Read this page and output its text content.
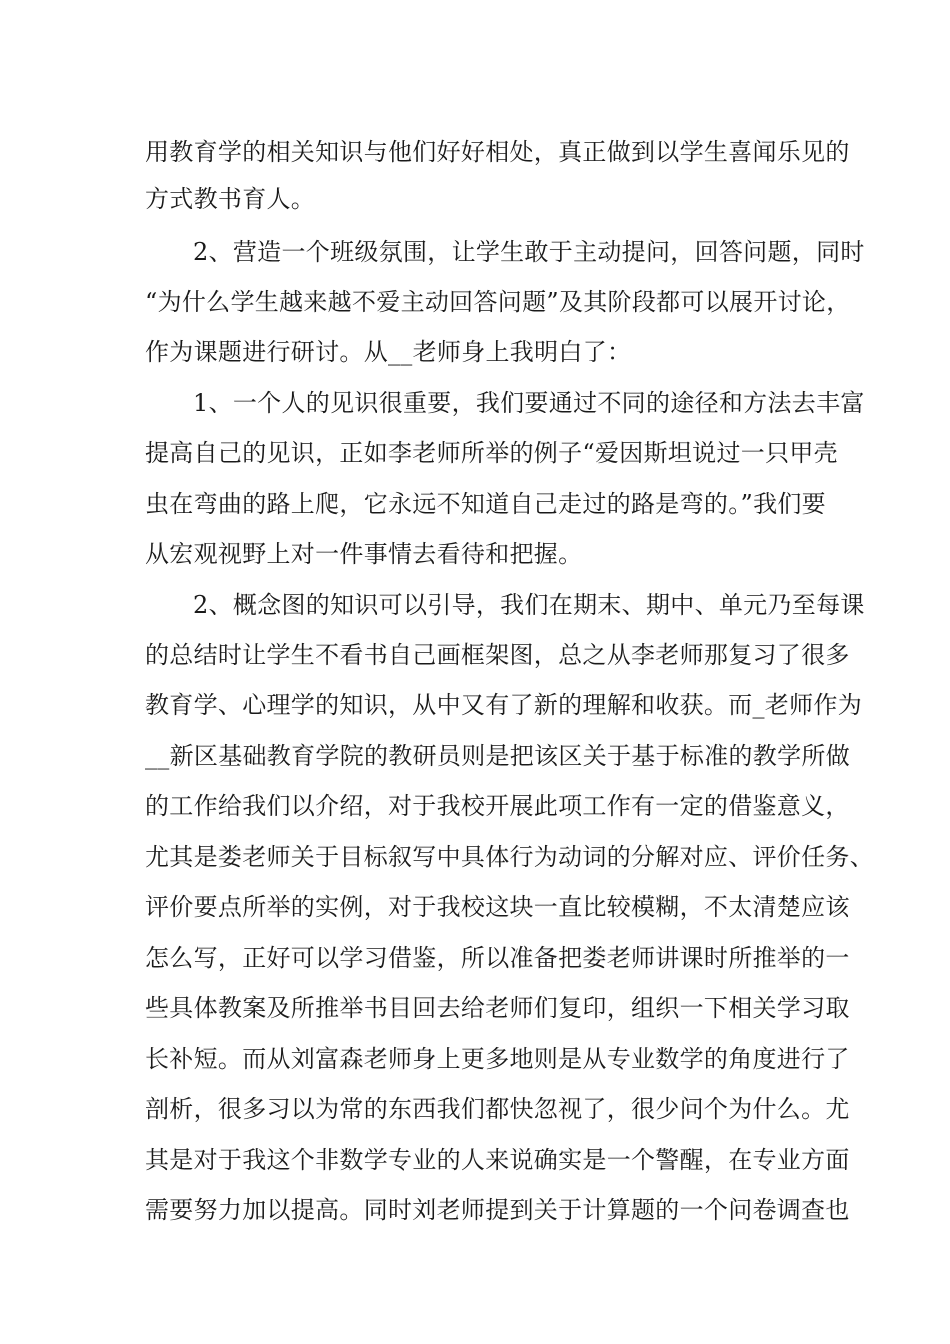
用教育学的相关知识与他们好好相处，真正做到以学生喜闻乐见的
方式教书育人。
2、营造一个班级氛围，让学生敢于主动提问，回答问题，同时
“为什么学生越来越不爱主动回答问题”及其阶段都可以展开讨论，
作为课题进行研讨。从__老师身上我明白了：
1、一个人的见识很重要，我们要通过不同的途径和方法去丰富
提高自己的见识，正如李老师所举的例子“爱因斯坦说过一只甲壳
虫在弯曲的路上爬，它永远不知道自己走过的路是弯的。”我们要
从宏观视野上对一件事情去看待和把握。
2、概念图的知识可以引导，我们在期末、期中、单元乃至每课
的总结时让学生不看书自己画框架图，总之从李老师那复习了很多
教育学、心理学的知识，从中又有了新的理解和收获。而_老师作为
__新区基础教育学院的教研员则是把该区关于基于标准的教学所做
的工作给我们以介绍，对于我校开展此项工作有一定的借鉴意义，
尤其是娄老师关于目标叙写中具体行为动词的分解对应、评价任务、
评价要点所举的实例，对于我校这块一直比较模糊，不太清楚应该
怎么写，正好可以学习借鉴，所以准备把娄老师讲课时所推举的一
些具体教案及所推举书目回去给老师们复印，组织一下相关学习取
长补短。而从刘富森老师身上更多地则是从专业数学的角度进行了
剖析，很多习以为常的东西我们都快忽视了，很少问个为什么。尤
其是对于我这个非数学专业的人来说确实是一个警醒，在专业方面
需要努力加以提高。同时刘老师提到关于计算题的一个问卷调查也
